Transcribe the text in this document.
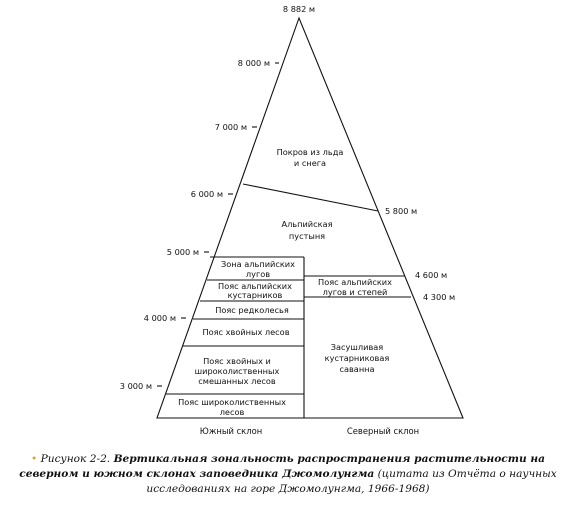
8 882 м
8 000 м
7 000 м
6 000 м
5 000 м
4 000 м
3 000 м
5 800 м
4 600 м
4 300 м
Покров из льда
и снега
Альпийская
пустыня
Зона альпийских
лугов
Пояс альпийских
кустарников
Пояс редколесья
Пояс хвойных лесов
Пояс хвойных и
широколиственных
смешанных лесов
Пояс широколиственных
лесов
Пояс альпийских
лугов и степей
Засушливая
кустарниковая
саванна
Южный склон	Северный склон
• Рисунок 2-2. Вертикальная зональность распространения растительности на северном и южном склонах заповедника Джомолунгма (цитата из Отчёта о научных исследованиях на горе Джомолунгма, 1966-1968)
